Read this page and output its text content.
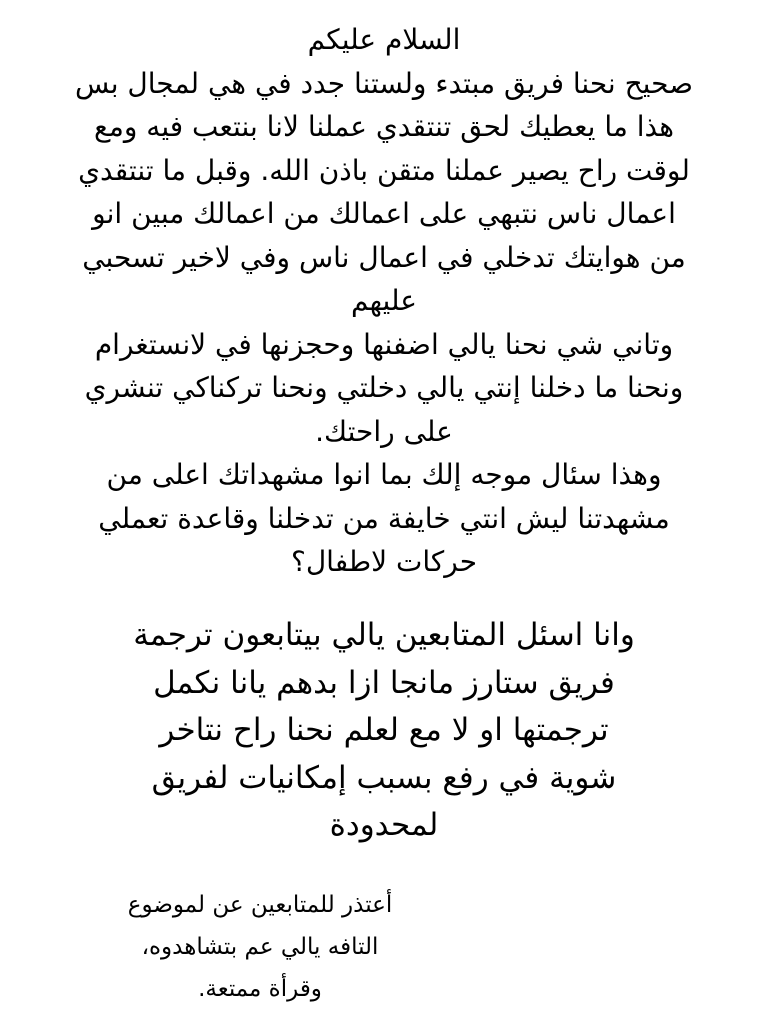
السلام عليكم
صحيح نحنا فريق مبتدء ولستنا جدد في هي لمجال بس
هذا ما يعطيك لحق تنتقدي عملنا لانا بنتعب فيه ومع
لوقت راح يصير عملنا متقن باذن الله. وقبل ما تنتقدي
اعمال ناس نتبهي على اعمالك من اعمالك مبين انو
من هوايتك تدخلي في اعمال ناس وفي لاخير تسحبي
عليهم
وتاني شي نحنا يالي اضفنها وحجزنها في لانستغرام
ونحنا ما دخلنا إنتي يالي دخلتي ونحنا تركناكي تنشري
على راحتك.
وهذا سئال موجه إلك بما انوا مشهداتك اعلى من
مشهدتنا ليش انتي خايفة من تدخلنا وقاعدة تعملي
حركات لاطفال؟
وانا اسئل المتابعين يالي بيتابعون ترجمة
فريق ستارز مانجا ازا بدهم يانا نكمل
ترجمتها او لا مع لعلم نحنا راح نتاخر
شوية في رفع بسبب إمكانيات لفريق
لمحدودة
أعتذر للمتابعين عن لموضوع
التافه يالي عم بتشاهدوه،
وقرأة ممتعة.
